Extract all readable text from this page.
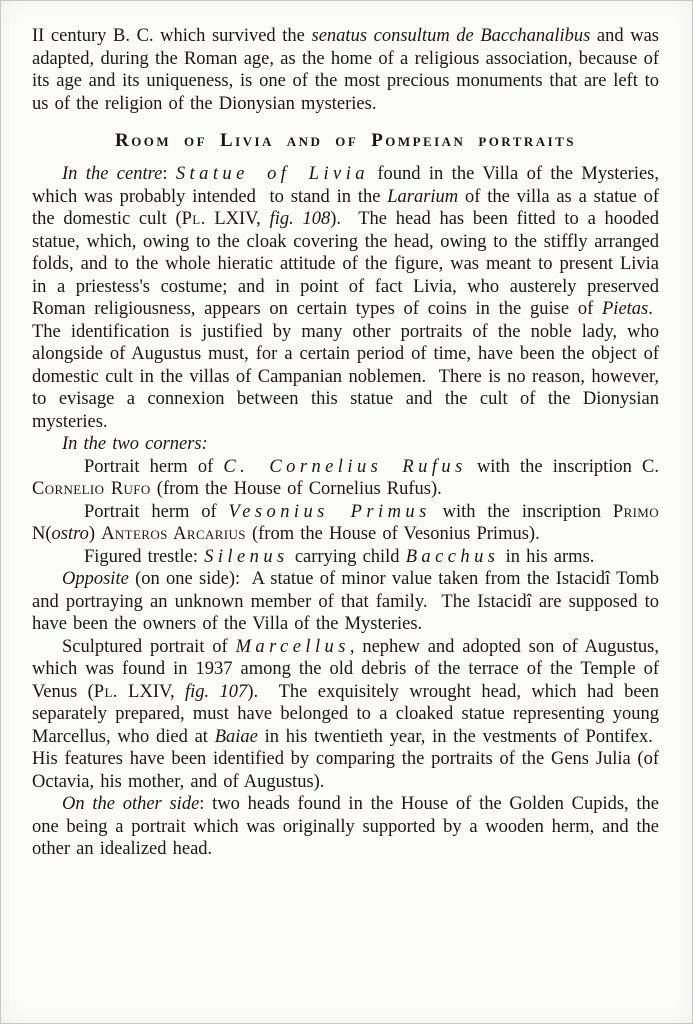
II century B. C. which survived the senatus consultum de Bacchanalibus and was adapted, during the Roman age, as the home of a religious association, because of its age and its uniqueness, is one of the most precious monuments that are left to us of the religion of the Dionysian mysteries.

Room of Livia and of Pompeian portraits

In the centre: Statue of Livia found in the Villa of the Mysteries, which was probably intended  to stand in the Lararium of the villa as a statue of the domestic cult (Pl. LXIV, fig. 108).  The head has been fitted to a hooded statue, which, owing to the cloak covering the head, owing to the stiffly arranged folds, and to the whole hieratic attitude of the figure, was meant to present Livia in a priestess's costume; and in point of fact Livia, who austerely preserved Roman religiousness, appears on certain types of coins in the guise of Pietas.  The identification is justified by many other portraits of the noble lady, who alongside of Augustus must, for a certain period of time, have been the object of domestic cult in the villas of Campanian noblemen.  There is no reason, however, to evisage a connexion between this statue and the cult of the Dionysian mysteries.

In the two corners:

Portrait herm of C. Cornelius Rufus with the inscription C. Cornelio Rufo (from the House of Cornelius Rufus).

Portrait herm of Vesonius Primus with the inscription Primo N(ostro) Anteros Arcarius (from the House of Vesonius Primus).

Figured trestle: Silenus carrying child Bacchus in his arms.

Opposite (on one side):  A statue of minor value taken from the Istacidî Tomb and portraying an unknown member of that family.  The Istacidî are supposed to have been the owners of the Villa of the Mysteries.

Sculptured portrait of Marcellus, nephew and adopted son of Augustus, which was found in 1937 among the old debris of the terrace of the Temple of Venus (Pl. LXIV, fig. 107).  The exquisitely wrought head, which had been separately prepared, must have belonged to a cloaked statue representing young Marcellus, who died at Baiae in his twentieth year, in the vestments of Pontifex.  His features have been identified by comparing the portraits of the Gens Julia (of Octavia, his mother, and of Augustus).

On the other side: two heads found in the House of the Golden Cupids, the one being a portrait which was originally supported by a wooden herm, and the other an idealized head.
